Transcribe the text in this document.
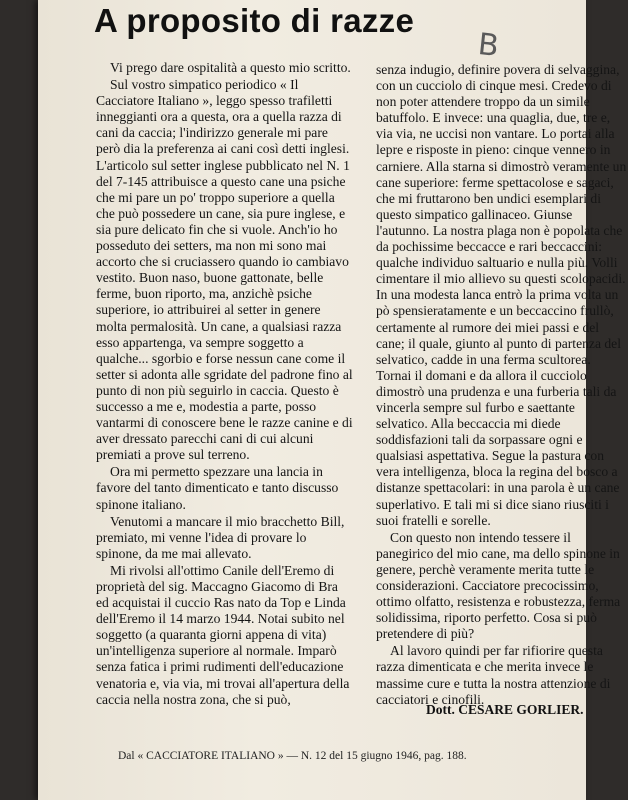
A proposito di razze
B

Vi prego dare ospitalità a questo mio scritto.

Sul vostro simpatico periodico « Il Cacciatore Italiano », leggo spesso trafiletti inneggianti ora a questa, ora a quella razza di cani da caccia; l'indirizzo generale mi pare però dia la preferenza ai cani così detti inglesi. L'articolo sul setter inglese pubblicato nel N. 1 del 7-145 attribuisce a questo cane una psiche che mi pare un po' troppo superiore a quella che può possedere un cane, sia pure inglese, e sia pure delicato fin che si vuole. Anch'io ho posseduto dei setters, ma non mi sono mai accorto che si cruciassero quando io cambiavo vestito. Buon naso, buone gattonate, belle ferme, buon riporto, ma, anzichè psiche superiore, io attribuirei al setter in genere molta permalosità. Un cane, a qualsiasi razza esso appartenga, va sempre soggetto a qualche... sgorbio e forse nessun cane come il setter si adonta alle sgridate del padrone fino al punto di non più seguirlo in caccia. Questo è successo a me e, modestia a parte, posso vantarmi di conoscere bene le razze canine e di aver dressato parecchi cani di cui alcuni premiati a prove sul terreno.

Ora mi permetto spezzare una lancia in favore del tanto dimenticato e tanto discusso spinone italiano.

Venutomi a mancare il mio bracchetto Bill, premiato, mi venne l'idea di provare lo spinone, da me mai allevato.

Mi rivolsi all'ottimo Canile dell'Eremo di proprietà del sig. Maccagno Giacomo di Bra ed acquistai il cuccio Ras nato da Top e Linda dell'Eremo il 14 marzo 1944. Notai subito nel soggetto (a quaranta giorni appena di vita) un'intelligenza superiore al normale. Imparò senza fatica i primi rudimenti dell'educazione venatoria e, via via, mi trovai all'apertura della caccia nella nostra zona, che si può,

senza indugio, definire povera di selvaggina, con un cucciolo di cinque mesi. Credevo di non poter attendere troppo da un simile batuffolo. E invece: una quaglia, due, tre e, via via, ne uccisi non vantare. Lo portai alla lepre e risposte in pieno: cinque vennero in carniere. Alla starna si dimostrò veramente un cane superiore: ferme spettacolose e sagaci, che mi fruttarono ben undici esemplari di questo simpatico gallinaceo. Giunse l'autunno. La nostra plaga non è popolata che da pochissime beccacce e rari beccaccini: qualche individuo saltuario e nulla più. Volli cimentare il mio allievo su questi scolopacidi. In una modesta lanca entrò la prima volta un pò spensieratamente e un beccaccino frullò, certamente al rumore dei miei passi e del cane; il quale, giunto al punto di partenza del selvatico, cadde in una ferma scultorea. Tornai il domani e da allora il cucciolo dimostrò una prudenza e una furberia tali da vincerla sempre sul furbo e saettante selvatico. Alla beccaccia mi diede soddisfazioni tali da sorpassare ogni e qualsiasi aspettativa. Segue la pastura con vera intelligenza, bloca la regina del bosco a distanze spettacolari: in una parola è un cane superlativo. E tali mi si dice siano riusciti i suoi fratelli e sorelle.

Con questo non intendo tessere il panegirico del mio cane, ma dello spinone in genere, perchè veramente merita tutte le considerazioni. Cacciatore precocissimo, ottimo olfatto, resistenza e robustezza, ferma solidissima, riporto perfetto. Cosa si può pretendere di più?

Al lavoro quindi per far rifiorire questa razza dimenticata e che merita invece le massime cure e tutta la nostra attenzione di cacciatori e cinofili.

Dott. CESARE GORLIER.
Dal « CACCIATORE ITALIANO » — N. 12 del 15 giugno 1946, pag. 188.
